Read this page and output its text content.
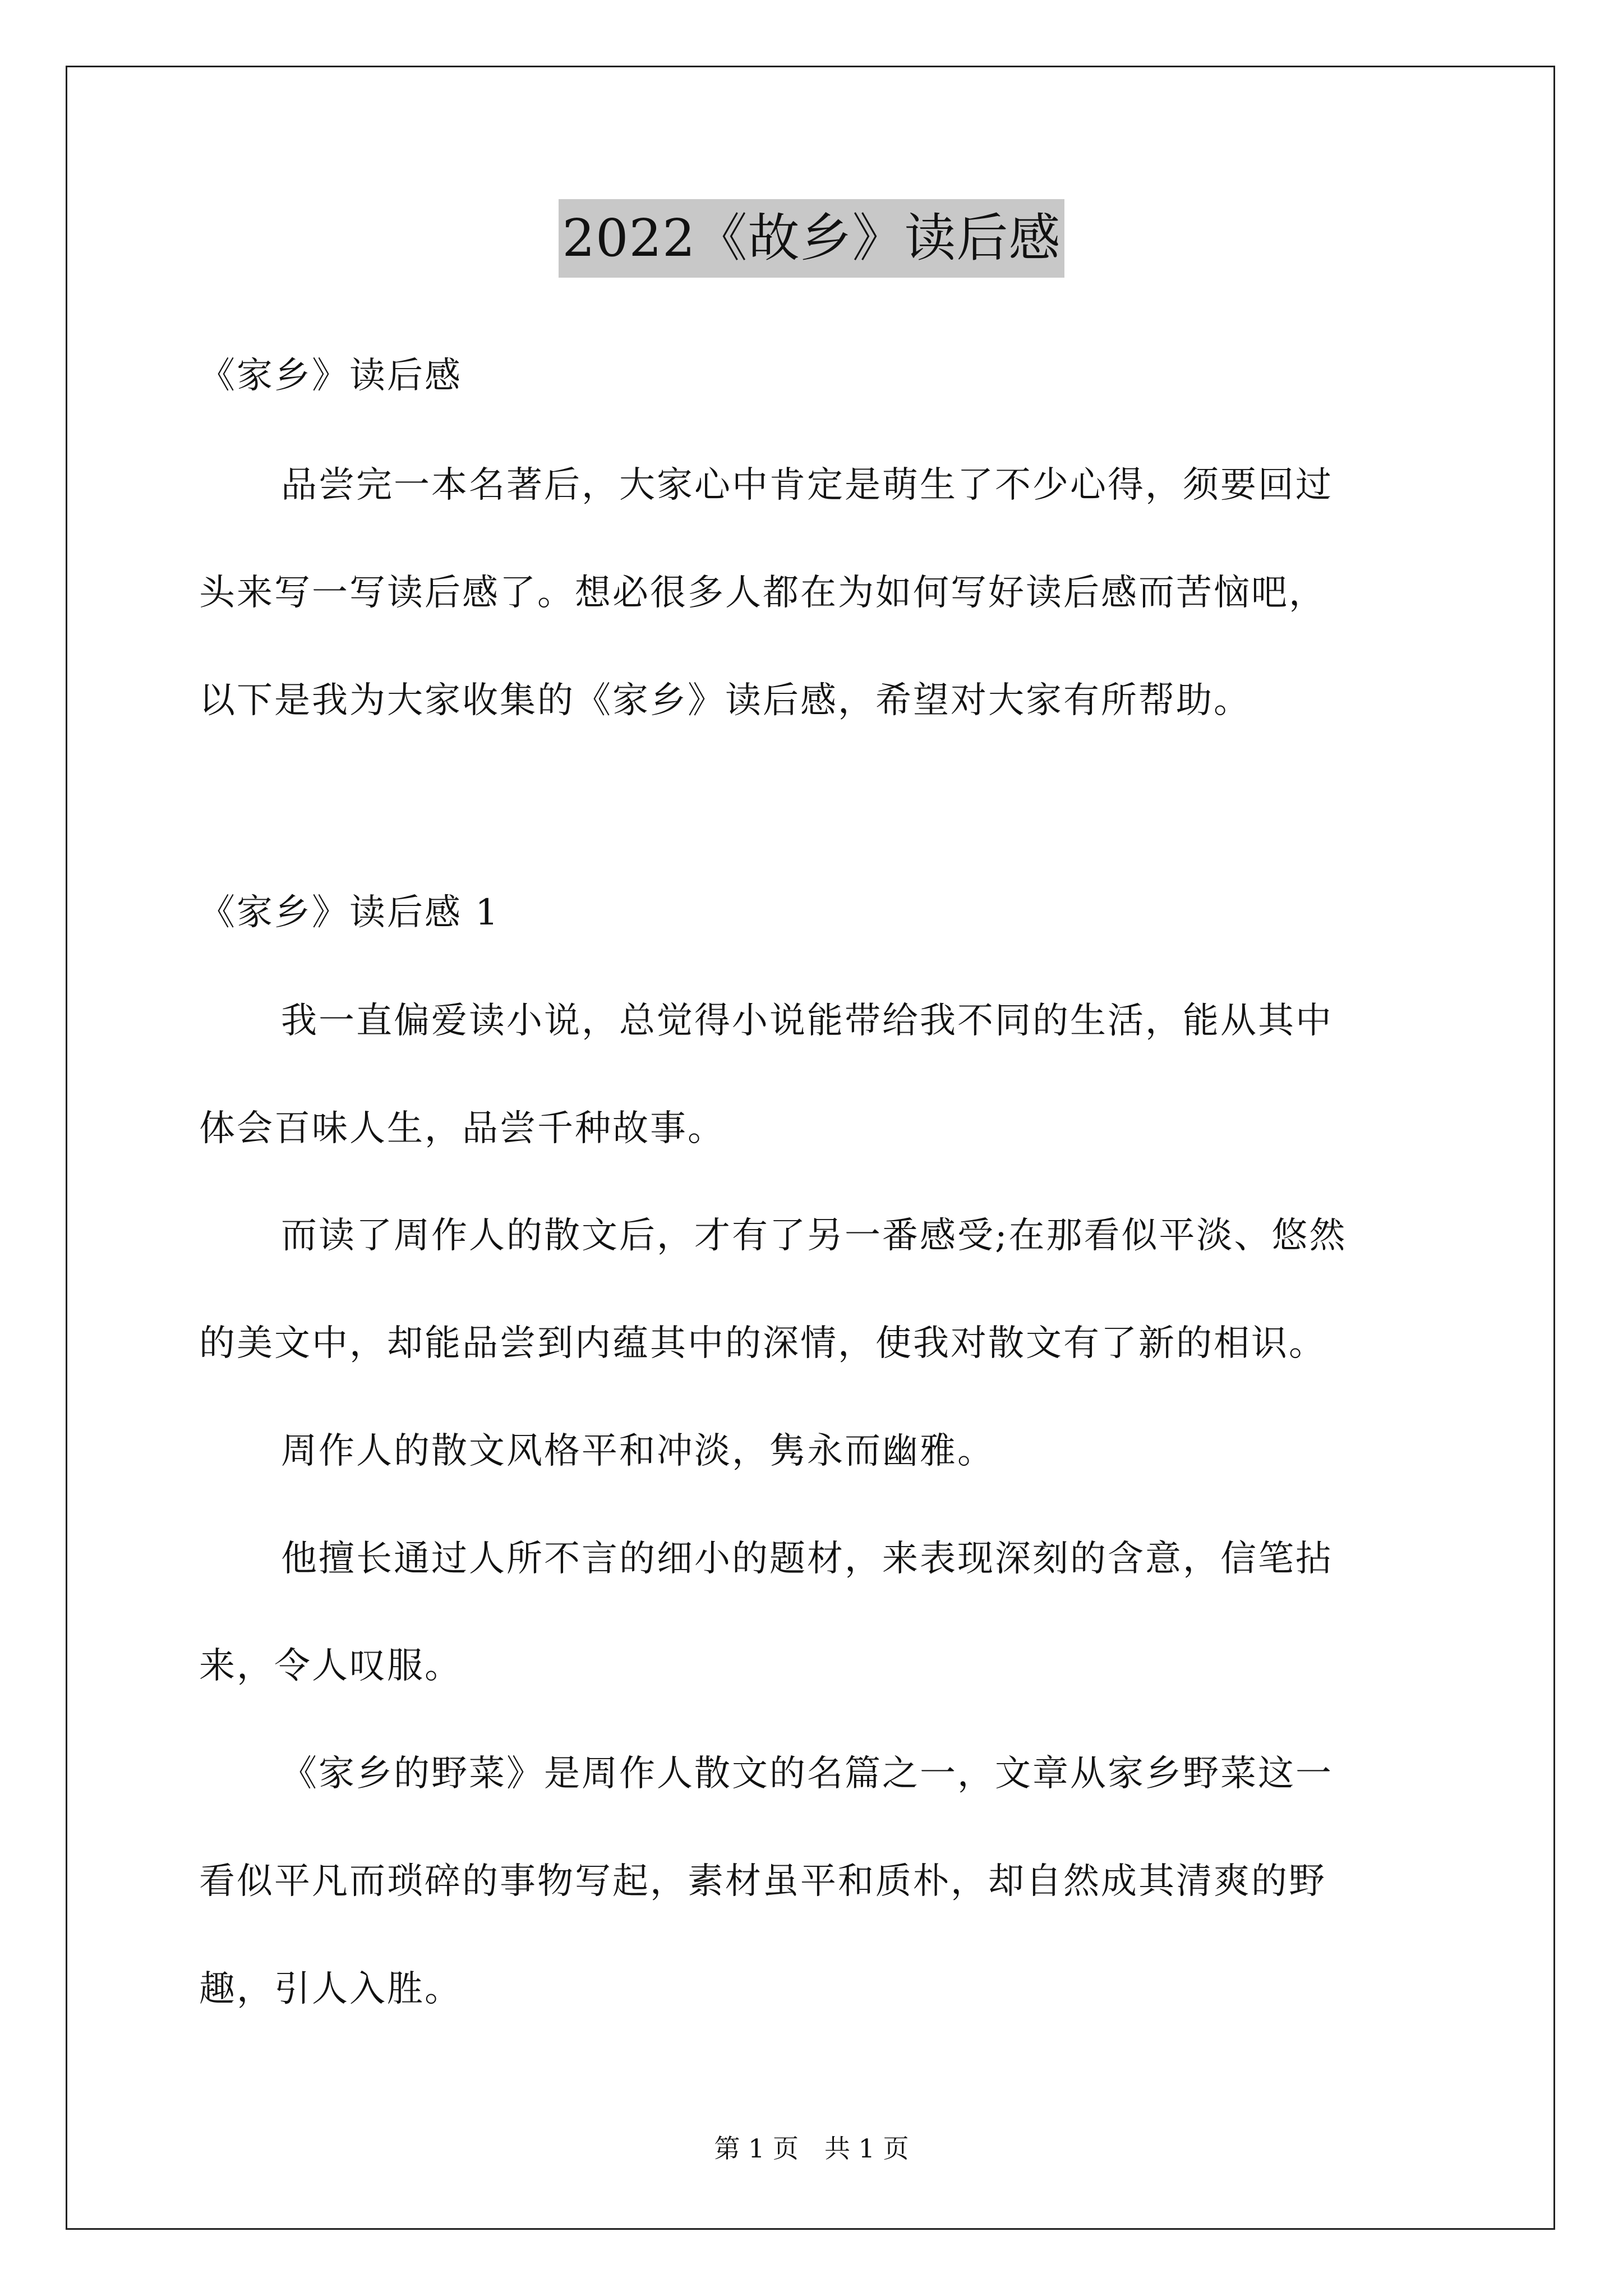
2022《故乡》读后感
《家乡》读后感
品尝完一本名著后，大家心中肯定是萌生了不少心得，须要回过
头来写一写读后感了。想必很多人都在为如何写好读后感而苦恼吧，
以下是我为大家收集的《家乡》读后感，希望对大家有所帮助。
《家乡》读后感 1
我一直偏爱读小说，总觉得小说能带给我不同的生活，能从其中
体会百味人生，品尝千种故事。
而读了周作人的散文后，才有了另一番感受;在那看似平淡、悠然
的美文中，却能品尝到内蕴其中的深情，使我对散文有了新的相识。
周作人的散文风格平和冲淡，隽永而幽雅。
他擅长通过人所不言的细小的题材，来表现深刻的含意，信笔拈
来，令人叹服。
《家乡的野菜》是周作人散文的名篇之一，文章从家乡野菜这一
看似平凡而琐碎的事物写起，素材虽平和质朴，却自然成其清爽的野
趣，引人入胜。
第 1 页　共 1 页
